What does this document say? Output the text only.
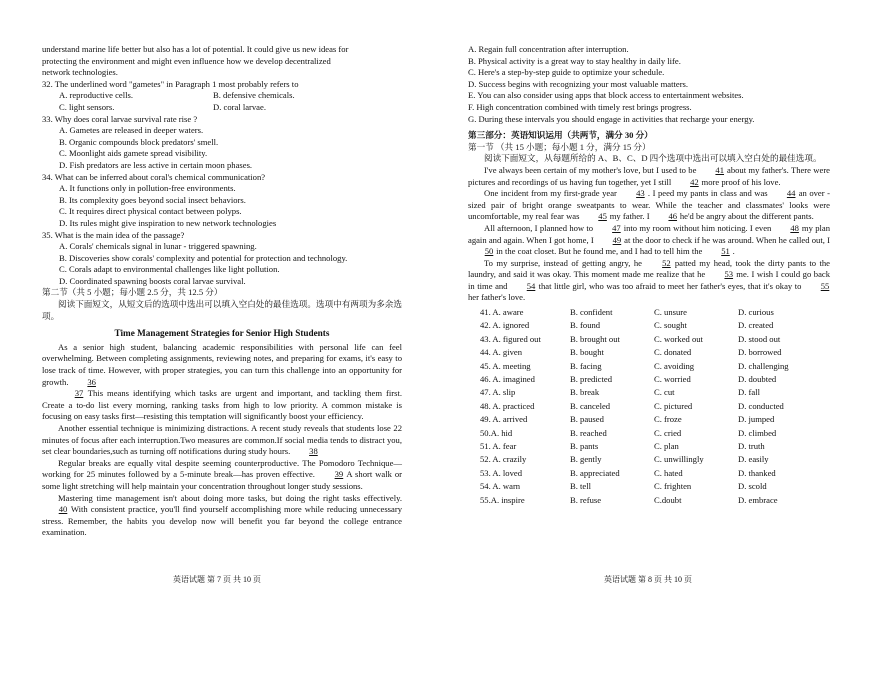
understand marine life better but also has a lot of potential. It could give us new ideas for

protecting the environment and might even influence how we develop decentralized

network technologies.

32. The underlined word "gametes" in Paragraph 1 most probably refers to

A. reproductive cells.	B. defensive chemicals.
C. light sensors.	D. coral larvae.

33. Why does coral larvae survival rate rise ?

A. Gametes are released in deeper waters.

B. Organic compounds block predators' smell.

C. Moonlight aids gamete spread visibility.

D. Fish predators are less active in certain moon phases.

34. What can be inferred about coral's chemical communication?

A. It functions only in pollution-free environments.

B. Its complexity goes beyond social insect behaviors.

C. It requires direct physical contact between polyps.

D. Its rules might give inspiration to new network technologies

35. What is the main idea of the passage?

A. Corals' chemicals signal in lunar - triggered spawning.

B. Discoveries show corals' complexity and potential for protection and technology.

C. Corals adapt to environmental challenges like light pollution.

D. Coordinated spawning boosts coral larvae survival.

第二节（共 5 小题；每小题 2.5 分，共 12.5 分）

阅读下面短文，从短文后的选项中选出可以填入空白处的最佳选项。选项中有两项为多余选项。

Time Management Strategies for Senior High Students

As a senior high student, balancing academic responsibilities with personal life can feel overwhelming. Between completing assignments, reviewing notes, and preparing for exams, it's easy to lose track of time. However, with proper strategies, you can turn this challenge into an opportunity for growth. 36

37 This means identifying which tasks are urgent and important, and tackling them first. Create a to-do list every morning, ranking tasks from high to low priority. A common mistake is focusing on easy tasks first—resisting this temptation will significantly boost your efficiency.

Another essential technique is minimizing distractions. A recent study reveals that students lose 22 minutes of focus after each interruption.Two measures are common.If social media tends to distract you, set clear boundaries,such as turning off notifications during study hours. 38

Regular breaks are equally vital despite seeming counterproductive. The Pomodoro Technique—working for 25 minutes followed by a 5-minute break—has proven effective. 39 A short walk or some light stretching will help maintain your concentration throughout longer study sessions.

Mastering time management isn't about doing more tasks, but doing the right tasks effectively. 40 With consistent practice, you'll find yourself accomplishing more while reducing unnecessary stress. Remember, the habits you develop now will benefit you far beyond the college entrance examination.

A. Regain full concentration after interruption.

B. Physical activity is a great way to stay healthy in daily life.

C. Here's a step-by-step guide to optimize your schedule.

D. Success begins with recognizing your most valuable matters.

E. You can also consider using apps that block access to entertainment websites.

F. High concentration combined with timely rest brings progress.

G. During these intervals you should engage in activities that recharge your energy.

第三部分：英语知识运用（共两节，满分 30 分）

第一节 （共 15 小题；每小题 1 分，满分 15 分）

阅读下面短文，从每题所给的 A、B、C、D 四个选项中选出可以填入空白处的最佳选项。

I've always been certain of my mother's love, but I used to be 41 about my father's. There were pictures and recordings of us having fun together, yet I still 42 more proof of his love.

One incident from my first-grade year 43 . I peed my pants in class and was 44 an over - sized pair of bright orange sweatpants to wear. While the teacher and classmates' looks were uncomfortable, my real fear was 45 my father. I 46 he'd be angry about the different pants.

All afternoon, I planned how to 47 into my room without him noticing. I even 48 my plan again and again. When I got home, I 49 at the door to check if he was around. When he called out, I 50 in the coat closet. But he found me, and I had to tell him the 51 .

To my surprise, instead of getting angry, he 52 patted my head, took the dirty pants to the laundry, and said it was okay. This moment made me realize that he 53 me. I wish I could go back in time and 54 that little girl, who was too afraid to meet her father's eyes, that it's okay to 55 her father's love.

41. A. aware	B. confident	C. unsure	D. curious
42. A. ignored	B. found	C. sought	D. created
43. A. figured out	B. brought out	C. worked out	D. stood out
44. A. given	B. bought	C. donated	D. borrowed
45. A. meeting	B. facing	C. avoiding	D. challenging
46. A. imagined	B. predicted	C. worried	D. doubted
47. A. slip	B. break	C. cut	D. fall
48. A. practiced	B. canceled	C. pictured	D. conducted
49. A. arrived	B. paused	C. froze	D. jumped
50.A. hid	B. reached	C. cried	D. climbed
51. A. fear	B. pants	C. plan	D. truth
52. A. crazily	B. gently	C. unwillingly	D. easily
53. A. loved	B. appreciated	C. hated	D. thanked
54. A. warn	B. tell	C. frighten	D. scold
55.A. inspire	B. refuse	C.doubt	D. embrace
英语试题 第 7 页 共 10 页	英语试题 第 8 页 共 10 页
